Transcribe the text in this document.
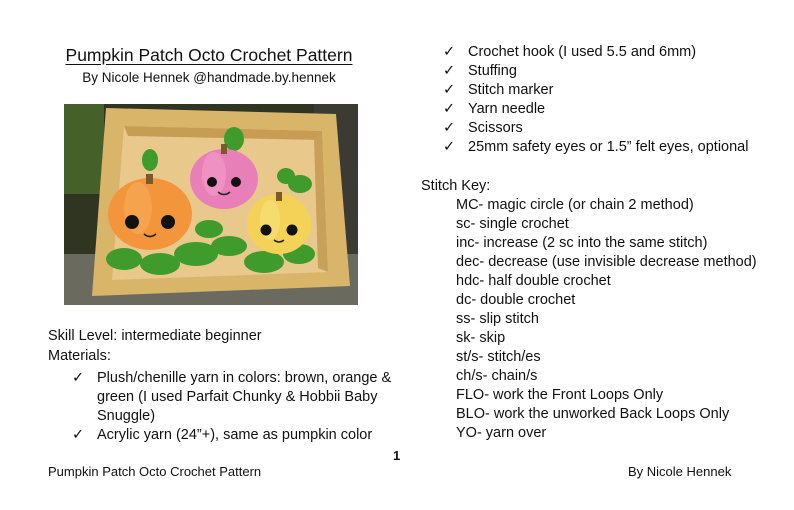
Pumpkin Patch Octo Crochet Pattern
By Nicole Hennek @handmade.by.hennek
Skill Level: intermediate beginner
Materials:
✓ Plush/chenille yarn in colors: brown, orange & green (I used Parfait Chunky & Hobbii Baby Snuggle)
✓ Acrylic yarn (24”+), same as pumpkin color
✓ Crochet hook (I used 5.5 and 6mm)
✓ Stuffing
✓ Stitch marker
✓ Yarn needle
✓ Scissors
✓ 25mm safety eyes or 1.5” felt eyes, optional
Stitch Key:
MC- magic circle (or chain 2 method)
sc- single crochet
inc- increase (2 sc into the same stitch)
dec- decrease (use invisible decrease method)
hdc- half double crochet
dc- double crochet
ss- slip stitch
sk- skip
st/s- stitch/es
ch/s- chain/s
FLO- work the Front Loops Only
BLO- work the unworked Back Loops Only
YO- yarn over
1
Pumpkin Patch Octo Crochet Pattern	By Nicole Hennek
